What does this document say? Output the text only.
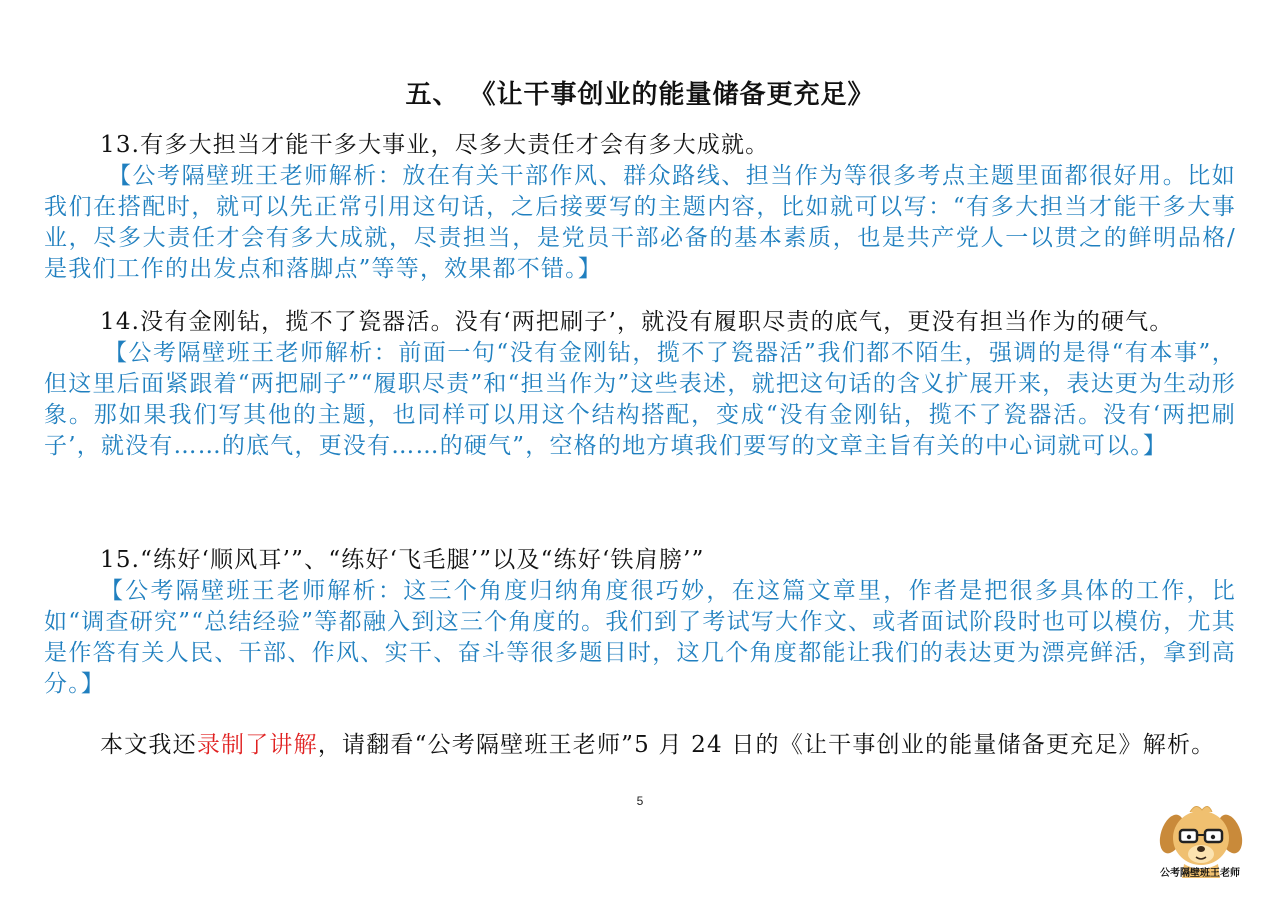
五、 《让干事创业的能量储备更充足》
13.有多大担当才能干多大事业，尽多大责任才会有多大成就。
【公考隔壁班王老师解析：放在有关干部作风、群众路线、担当作为等很多考点主题里面都很好用。比如我们在搭配时，就可以先正常引用这句话，之后接要写的主题内容，比如就可以写：“有多大担当才能干多大事业，尽多大责任才会有多大成就，尽责担当，是党员干部必备的基本素质，也是共产党人一以贯之的鲜明品格/是我们工作的出发点和落脚点”等等，效果都不错。】
14.没有金刚钻，揽不了瓷器活。没有‘两把刷子’，就没有履职尽责的底气，更没有担当作为的硬气。
【公考隔壁班王老师解析：前面一句“没有金刚钻，揽不了瓷器活”我们都不陌生，强调的是得“有本事”，但这里后面紧跟着“两把刷子”“履职尽责”和“担当作为”这些表述，就把这句话的含义扩展开来，表达更为生动形象。那如果我们写其他的主题，也同样可以用这个结构搭配，变成“没有金刚钻，揽不了瓷器活。没有‘两把刷子’，就没有……的底气，更没有……的硬气”，空格的地方填我们要写的文章主旨有关的中心词就可以。】
15.“练好‘顺风耳’”、“练好‘飞毛腿’”以及“练好‘铁肩膀’”
【公考隔壁班王老师解析：这三个角度归纳角度很巧妙，在这篇文章里，作者是把很多具体的工作，比如“调查研究”“总结经验”等都融入到这三个角度的。我们到了考试写大作文、或者面试阶段时也可以模仿，尤其是作答有关人民、干部、作风、实干、奋斗等很多题目时，这几个角度都能让我们的表达更为漂亮鲜活，拿到高分。】
本文我还录制了讲解，请翻看“公考隔壁班王老师”5 月 24 日的《让干事创业的能量储备更充足》解析。
5
公考隔壁班王老师
